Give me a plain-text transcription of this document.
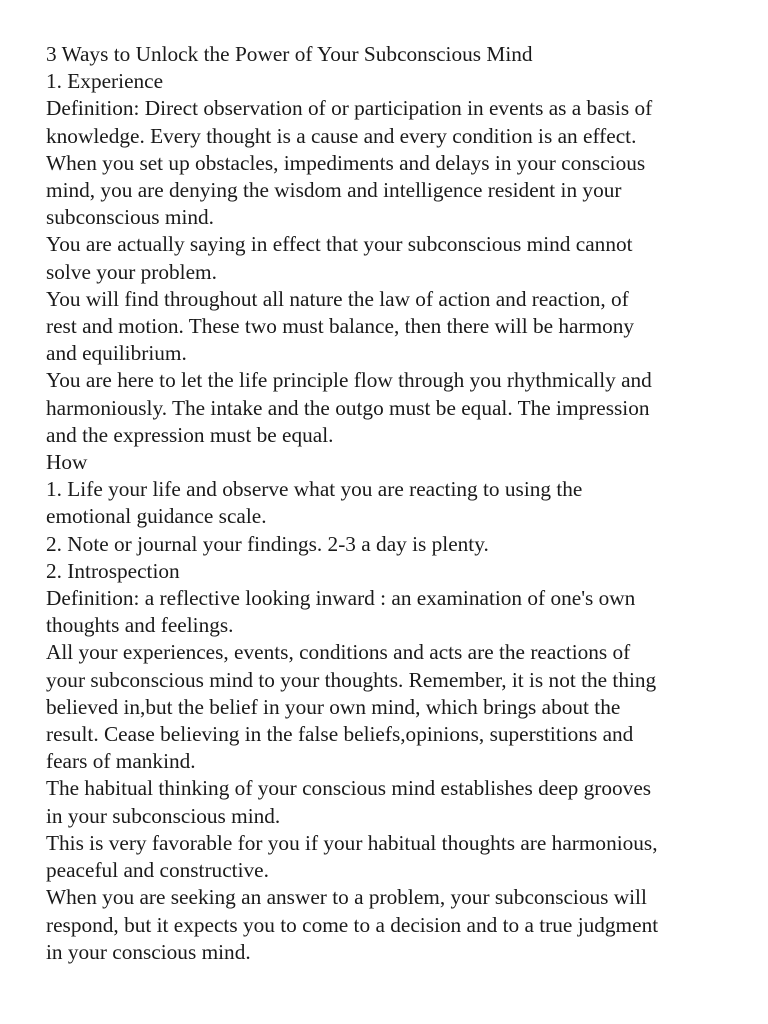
3 Ways to Unlock the Power of Your Subconscious Mind
1. Experience
Definition: Direct observation of or participation in events as a basis of
knowledge. Every thought is a cause and every condition is an effect.
When you set up obstacles, impediments and delays in your conscious
mind, you are denying the wisdom and intelligence resident in your
subconscious mind.
You are actually saying in effect that your subconscious mind cannot
solve your problem.
You will find throughout all nature the law of action and reaction, of
rest and motion. These two must balance, then there will be harmony
and equilibrium.
You are here to let the life principle flow through you rhythmically and
harmoniously. The intake and the outgo must be equal. The impression
and the expression must be equal.
How
1. Life your life and observe what you are reacting to using the
emotional guidance scale.
2. Note or journal your findings. 2-3 a day is plenty.
2. Introspection
Definition: a reflective looking inward : an examination of one's own
thoughts and feelings.
All your experiences, events, conditions and acts are the reactions of
your subconscious mind to your thoughts. Remember, it is not the thing
believed in,but the belief in your own mind, which brings about the
result. Cease believing in the false beliefs,opinions, superstitions and
fears of mankind.
The habitual thinking of your conscious mind establishes deep grooves
in your subconscious mind.
This is very favorable for you if your habitual thoughts are harmonious,
peaceful and constructive.
When you are seeking an answer to a problem, your subconscious will
respond, but it expects you to come to a decision and to a true judgment
in your conscious mind.
